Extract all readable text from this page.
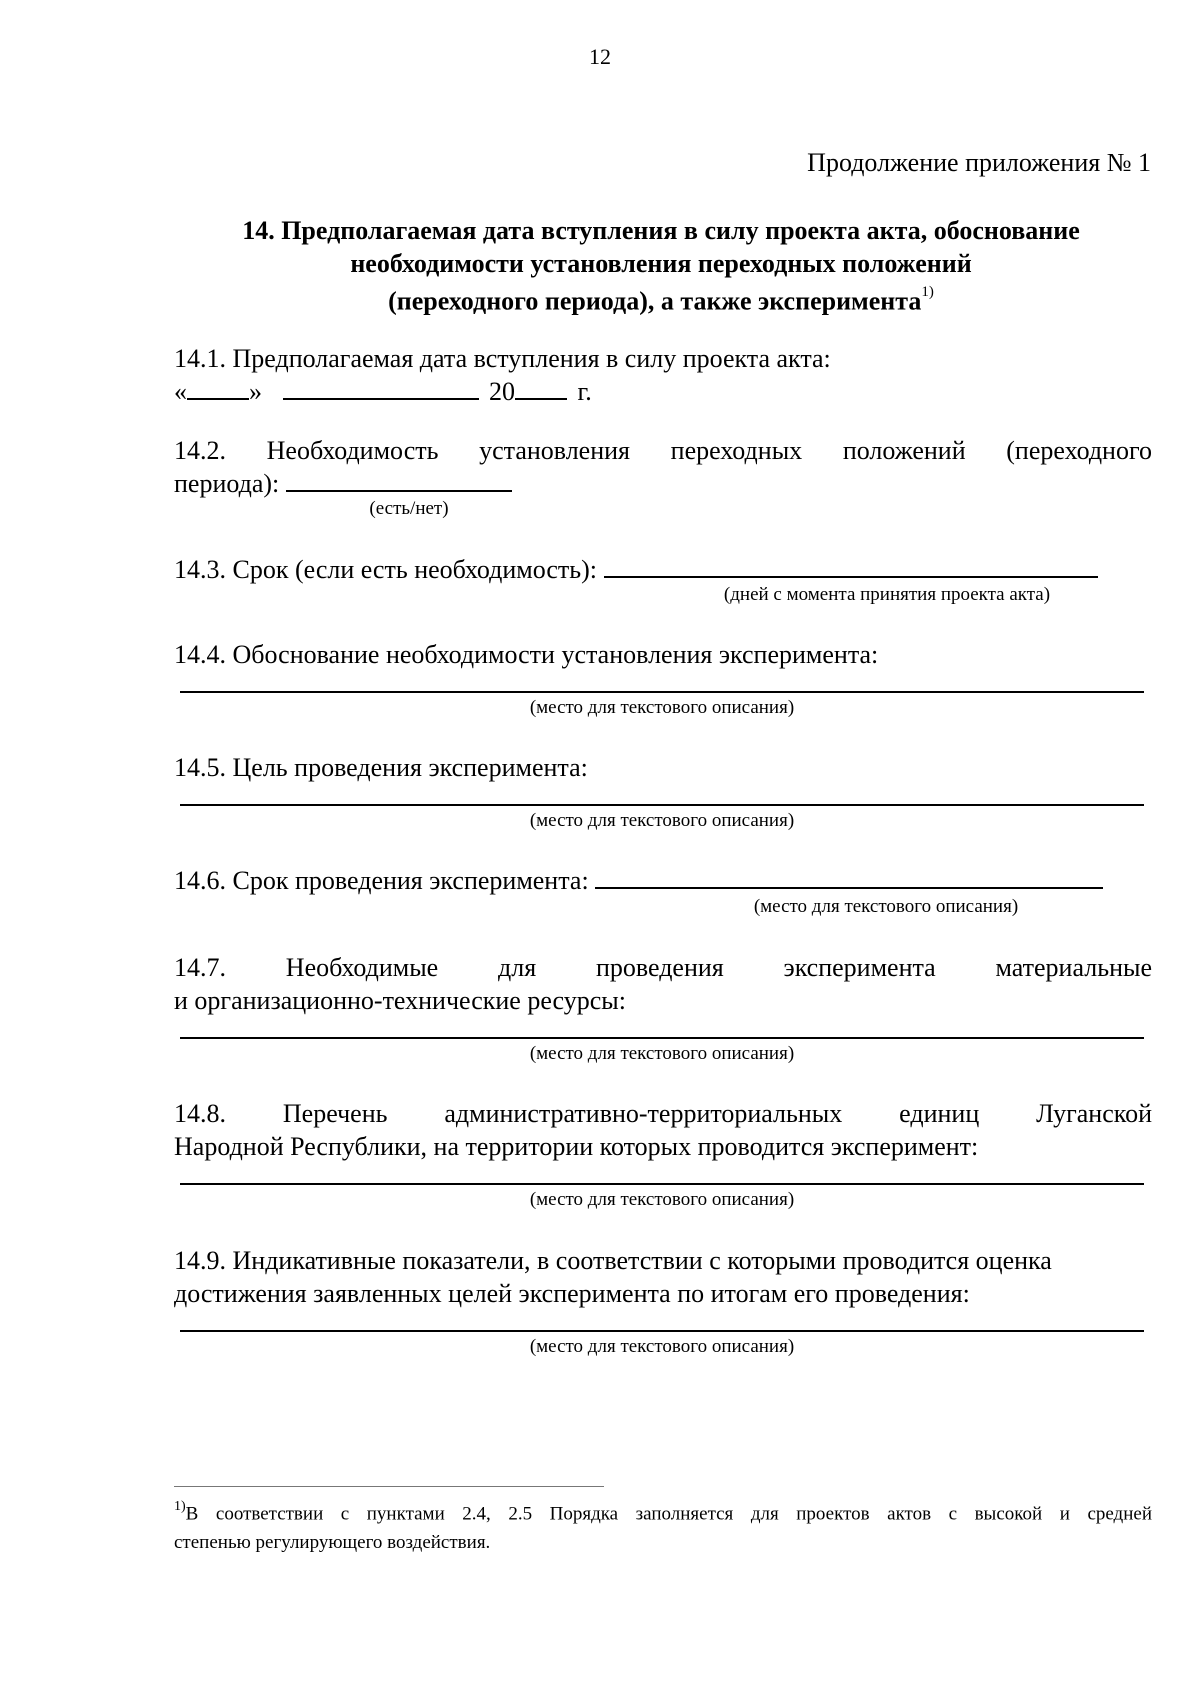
12
Продолжение приложения № 1
14. Предполагаемая дата вступления в силу проекта акта, обоснование
необходимости установления переходных положений
(переходного периода), а также эксперимента$^{1)}$
14.1. Предполагаемая дата вступления в силу проекта акта:
« »	20 г.
14.2. Необходимость установления переходных положений (переходного
периода):
(есть/нет)
14.3. Срок (если есть необходимость):
(дней с момента принятия проекта акта)
14.4. Обоснование необходимости установления эксперимента:
(место для текстового описания)
14.5. Цель проведения эксперимента:
(место для текстового описания)
14.6. Срок проведения эксперимента:
(место для текстового описания)
14.7. Необходимые для проведения эксперимента материальные
и организационно-технические ресурсы:
(место для текстового описания)
14.8. Перечень административно-территориальных единиц Луганской
Народной Республики, на территории которых проводится эксперимент:
(место для текстового описания)
14.9. Индикативные показатели, в соответствии с которыми проводится оценка
достижения заявленных целей эксперимента по итогам его проведения:
(место для текстового описания)
$^{1)}$В соответствии с пунктами 2.4, 2.5 Порядка заполняется для проектов актов с высокой и средней
степенью регулирующего воздействия.
